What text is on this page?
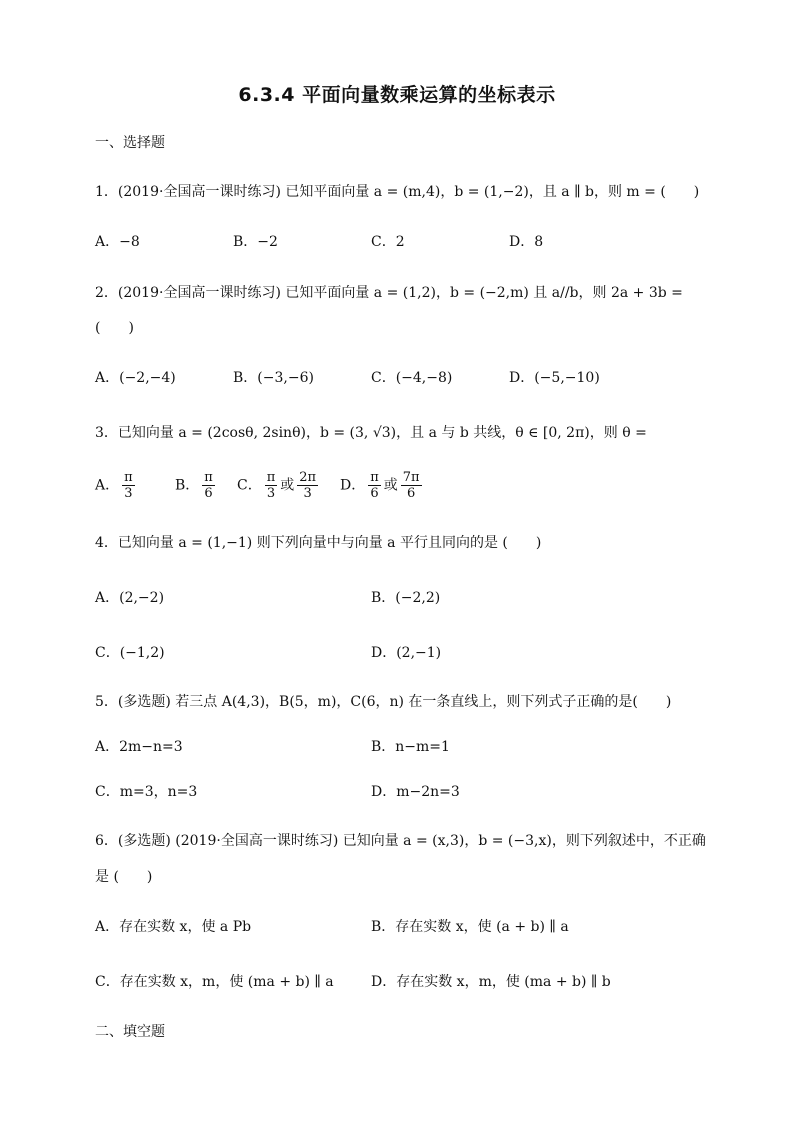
6.3.4 平面向量数乘运算的坐标表示
一、选择题
1．(2019·全国高一课时练习) 已知平面向量 a = (m,4)，b = (1,−2)，且 a ∥ b，则 m = (　　)
A．−8	B．−2	C．2	D．8
2．(2019·全国高一课时练习) 已知平面向量 a = (1,2)，b = (−2,m) 且 a//b，则 2a + 3b =
(　　)
A．(−2,−4)	B．(−3,−6)	C．(−4,−8)	D．(−5,−10)
3．已知向量 a = (2cosθ, 2sinθ)，b = (3, √3)，且 a 与 b 共线，θ ∈ [0, 2π)，则 θ =
A． $\frac{\pi}{3}$	B． $\frac{\pi}{6}$ C． $\frac{\pi}{3}$ 或 $\frac{2\pi}{3}$ D． $\frac{\pi}{6}$ 或 $\frac{7\pi}{6}$
4．已知向量 a = (1,−1) 则下列向量中与向量 a 平行且同向的是 (　　)
A．(2,−2)	B．(−2,2)
C．(−1,2)	D．(2,−1)
5．(多选题) 若三点 A(4,3)，B(5，m)，C(6，n) 在一条直线上，则下列式子正确的是(　　)
A．2m−n=3	B．n−m=1
C．m=3，n=3	D．m−2n=3
6．(多选题) (2019·全国高一课时练习) 已知向量 a = (x,3)，b = (−3,x)，则下列叙述中，不正确
是 (　　)
A．存在实数 x，使 a Pb	B．存在实数 x，使 (a + b) ∥ a
C．存在实数 x，m，使 (ma + b) ∥ a	D．存在实数 x，m，使 (ma + b) ∥ b
二、填空题
